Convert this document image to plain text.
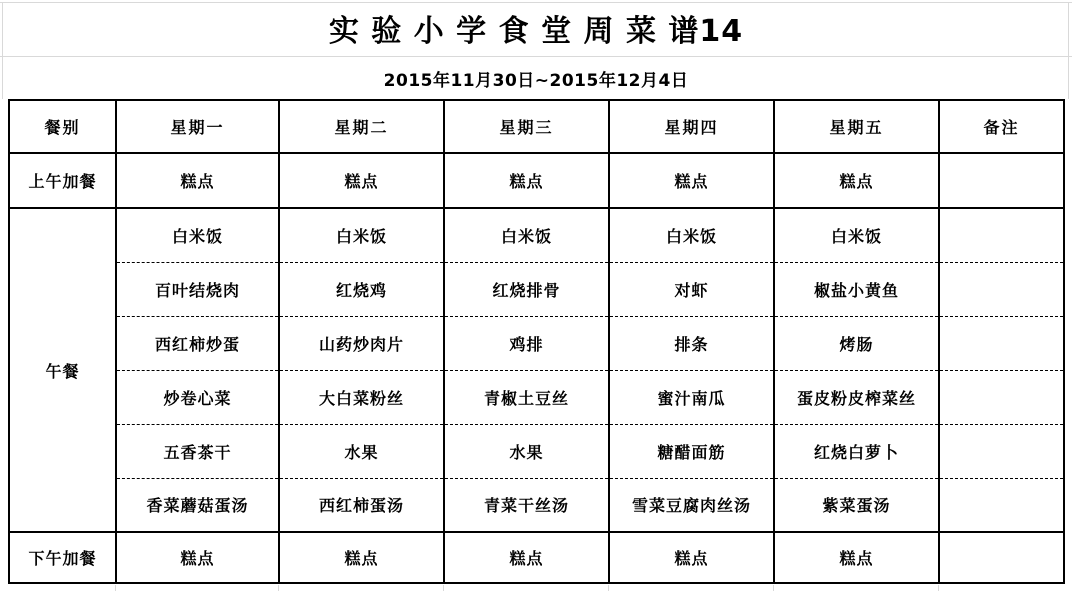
实 验 小 学 食 堂 周 菜 谱14
2015年11月30日~2015年12月4日
餐别	星期一	星期二	星期三	星期四	星期五	备注
上午加餐	糕点	糕点	糕点	糕点	糕点	
午餐	白米饭	白米饭	白米饭	白米饭	白米饭	
	百叶结烧肉	红烧鸡	红烧排骨	对虾	椒盐小黄鱼	
	西红柿炒蛋	山药炒肉片	鸡排	排条	烤肠	
	炒卷心菜	大白菜粉丝	青椒土豆丝	蜜汁南瓜	蛋皮粉皮榨菜丝	
	五香茶干	水果	水果	糖醋面筋	红烧白萝卜	
	香菜蘑菇蛋汤	西红柿蛋汤	青菜干丝汤	雪菜豆腐肉丝汤	紫菜蛋汤	
下午加餐	糕点	糕点	糕点	糕点	糕点	
